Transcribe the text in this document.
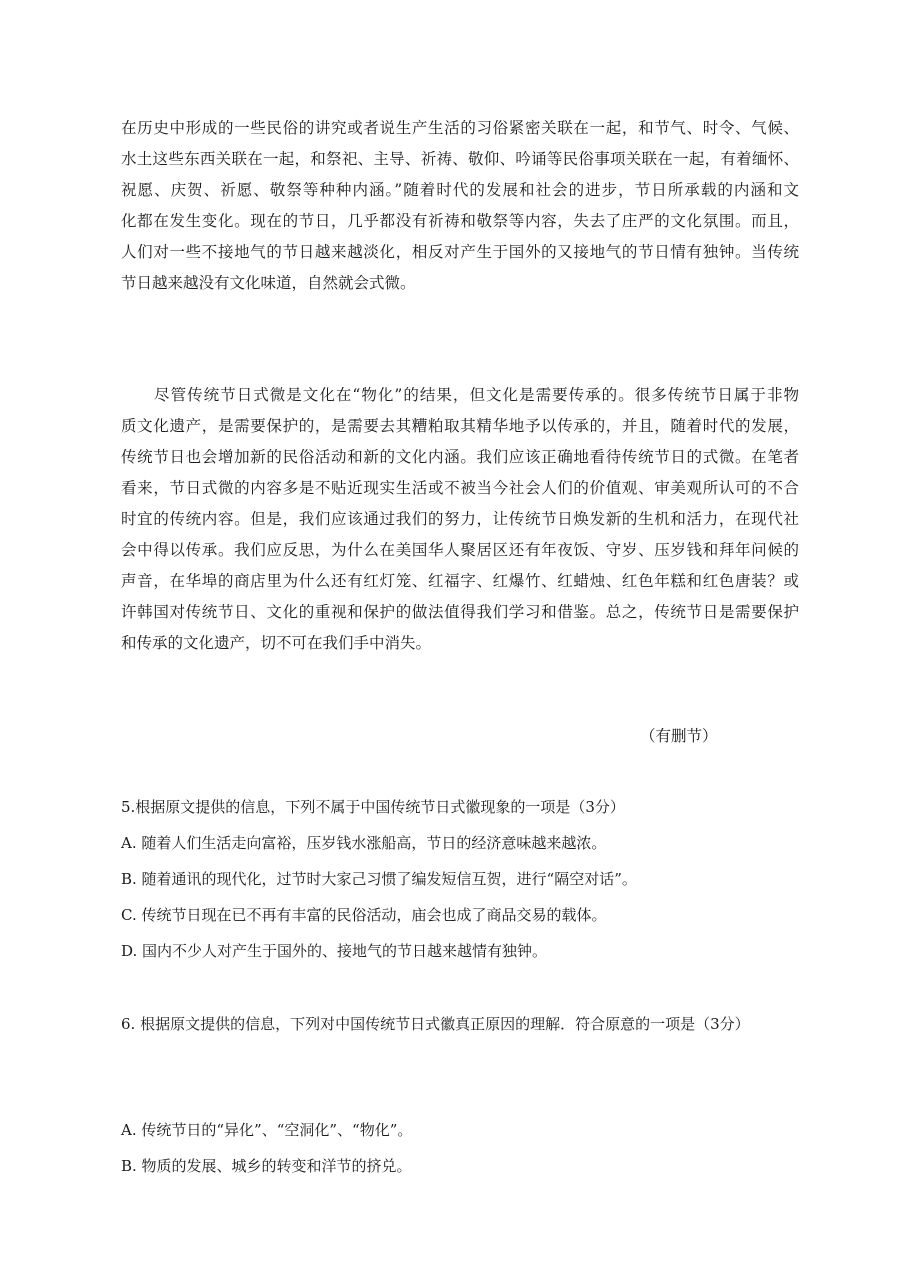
在历史中形成的一些民俗的讲究或者说生产生活的习俗紧密关联在一起，和节气、时令、气候、
水土这些东西关联在一起，和祭祀、主导、祈祷、敬仰、吟诵等民俗事项关联在一起，有着缅怀、
祝愿、庆贺、祈愿、敬祭等种种内涵。”随着时代的发展和社会的进步，节日所承载的内涵和文
化都在发生变化。现在的节日，几乎都没有祈祷和敬祭等内容，失去了庄严的文化氛围。而且，
人们对一些不接地气的节日越来越淡化，相反对产生于国外的又接地气的节日情有独钟。当传统
节日越来越没有文化味道，自然就会式微。
　　尽管传统节日式微是文化在“物化”的结果，但文化是需要传承的。很多传统节日属于非物
质文化遗产，是需要保护的，是需要去其糟粕取其精华地予以传承的，并且，随着时代的发展，
传统节日也会增加新的民俗活动和新的文化内涵。我们应该正确地看待传统节日的式微。在笔者
看来，节日式微的内容多是不贴近现实生活或不被当今社会人们的价值观、审美观所认可的不合
时宜的传统内容。但是，我们应该通过我们的努力，让传统节日焕发新的生机和活力，在现代社
会中得以传承。我们应反思，为什么在美国华人聚居区还有年夜饭、守岁、压岁钱和拜年问候的
声音，在华埠的商店里为什么还有红灯笼、红福字、红爆竹、红蜡烛、红色年糕和红色唐装？或
许韩国对传统节日、文化的重视和保护的做法值得我们学习和借鉴。总之，传统节日是需要保护
和传承的文化遗产，切不可在我们手中消失。
（有删节）
5.根据原文提供的信息，下列不属于中国传统节日式徽现象的一项是（3分）
A. 随着人们生活走向富裕，压岁钱水涨船高，节日的经济意味越来越浓。
B. 随着通讯的现代化，过节时大家己习惯了编发短信互贺，进行“隔空对话”。
C. 传统节日现在已不再有丰富的民俗活动，庙会也成了商品交易的载体。
D. 国内不少人对产生于国外的、接地气的节日越来越情有独钟。
6. 根据原文提供的信息，下列对中国传统节日式徽真正原因的理解．符合原意的一项是（3分）
A. 传统节日的“异化”、“空洞化”、“物化”。
B. 物质的发展、城乡的转变和洋节的挤兑。
